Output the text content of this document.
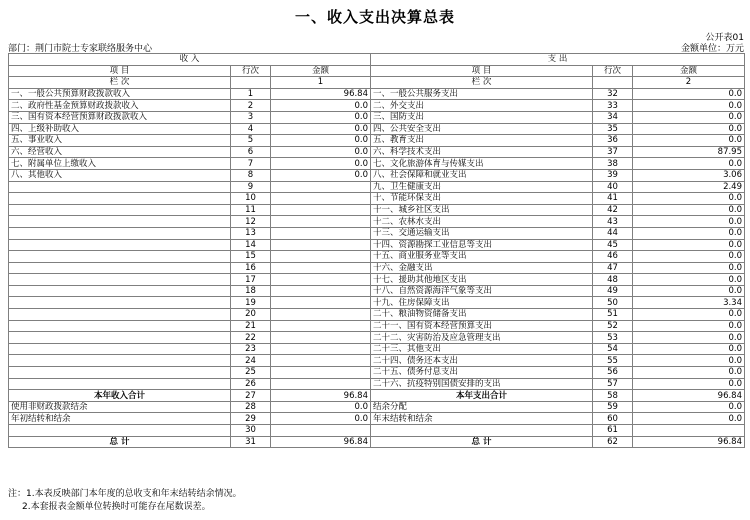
一、收入支出决算总表
公开表01
部门：荆门市院士专家联络服务中心	金额单位：万元
收 入			支 出		
项 目	行次	金额	项 目	行次	金额
栏 次		1	栏 次		2
一、一般公共预算财政拨款收入	1	96.84	一、一般公共服务支出	32	0.0
二、政府性基金预算财政拨款收入	2	0.0	二、外交支出	33	0.0
三、国有资本经营预算财政拨款收入	3	0.0	三、国防支出	34	0.0
四、上级补助收入	4	0.0	四、公共安全支出	35	0.0
五、事业收入	5	0.0	五、教育支出	36	0.0
六、经营收入	6	0.0	六、科学技术支出	37	87.95
七、附属单位上缴收入	7	0.0	七、文化旅游体育与传媒支出	38	0.0
八、其他收入	8	0.0	八、社会保障和就业支出	39	3.06
	9		九、卫生健康支出	40	2.49
	10		十、节能环保支出	41	0.0
	11		十一、城乡社区支出	42	0.0
	12		十二、农林水支出	43	0.0
	13		十三、交通运输支出	44	0.0
	14		十四、资源勘探工业信息等支出	45	0.0
	15		十五、商业服务业等支出	46	0.0
	16		十六、金融支出	47	0.0
	17		十七、援助其他地区支出	48	0.0
	18		十八、自然资源海洋气象等支出	49	0.0
	19		十九、住房保障支出	50	3.34
	20		二十、粮油物资储备支出	51	0.0
	21		二十一、国有资本经营预算支出	52	0.0
	22		二十二、灾害防治及应急管理支出	53	0.0
	23		二十三、其他支出	54	0.0
	24		二十四、债务还本支出	55	0.0
	25		二十五、债务付息支出	56	0.0
	26		二十六、抗疫特别国债安排的支出	57	0.0
本年收入合计	27	96.84	本年支出合计	58	96.84
使用非财政拨款结余	28	0.0	结余分配	59	0.0
年初结转和结余	29	0.0	年末结转和结余	60	0.0
	30			61	
总 计	31	96.84	总 计	62	96.84
注：1.本表反映部门本年度的总收支和年末结转结余情况。
2.本套报表金额单位转换时可能存在尾数误差。
